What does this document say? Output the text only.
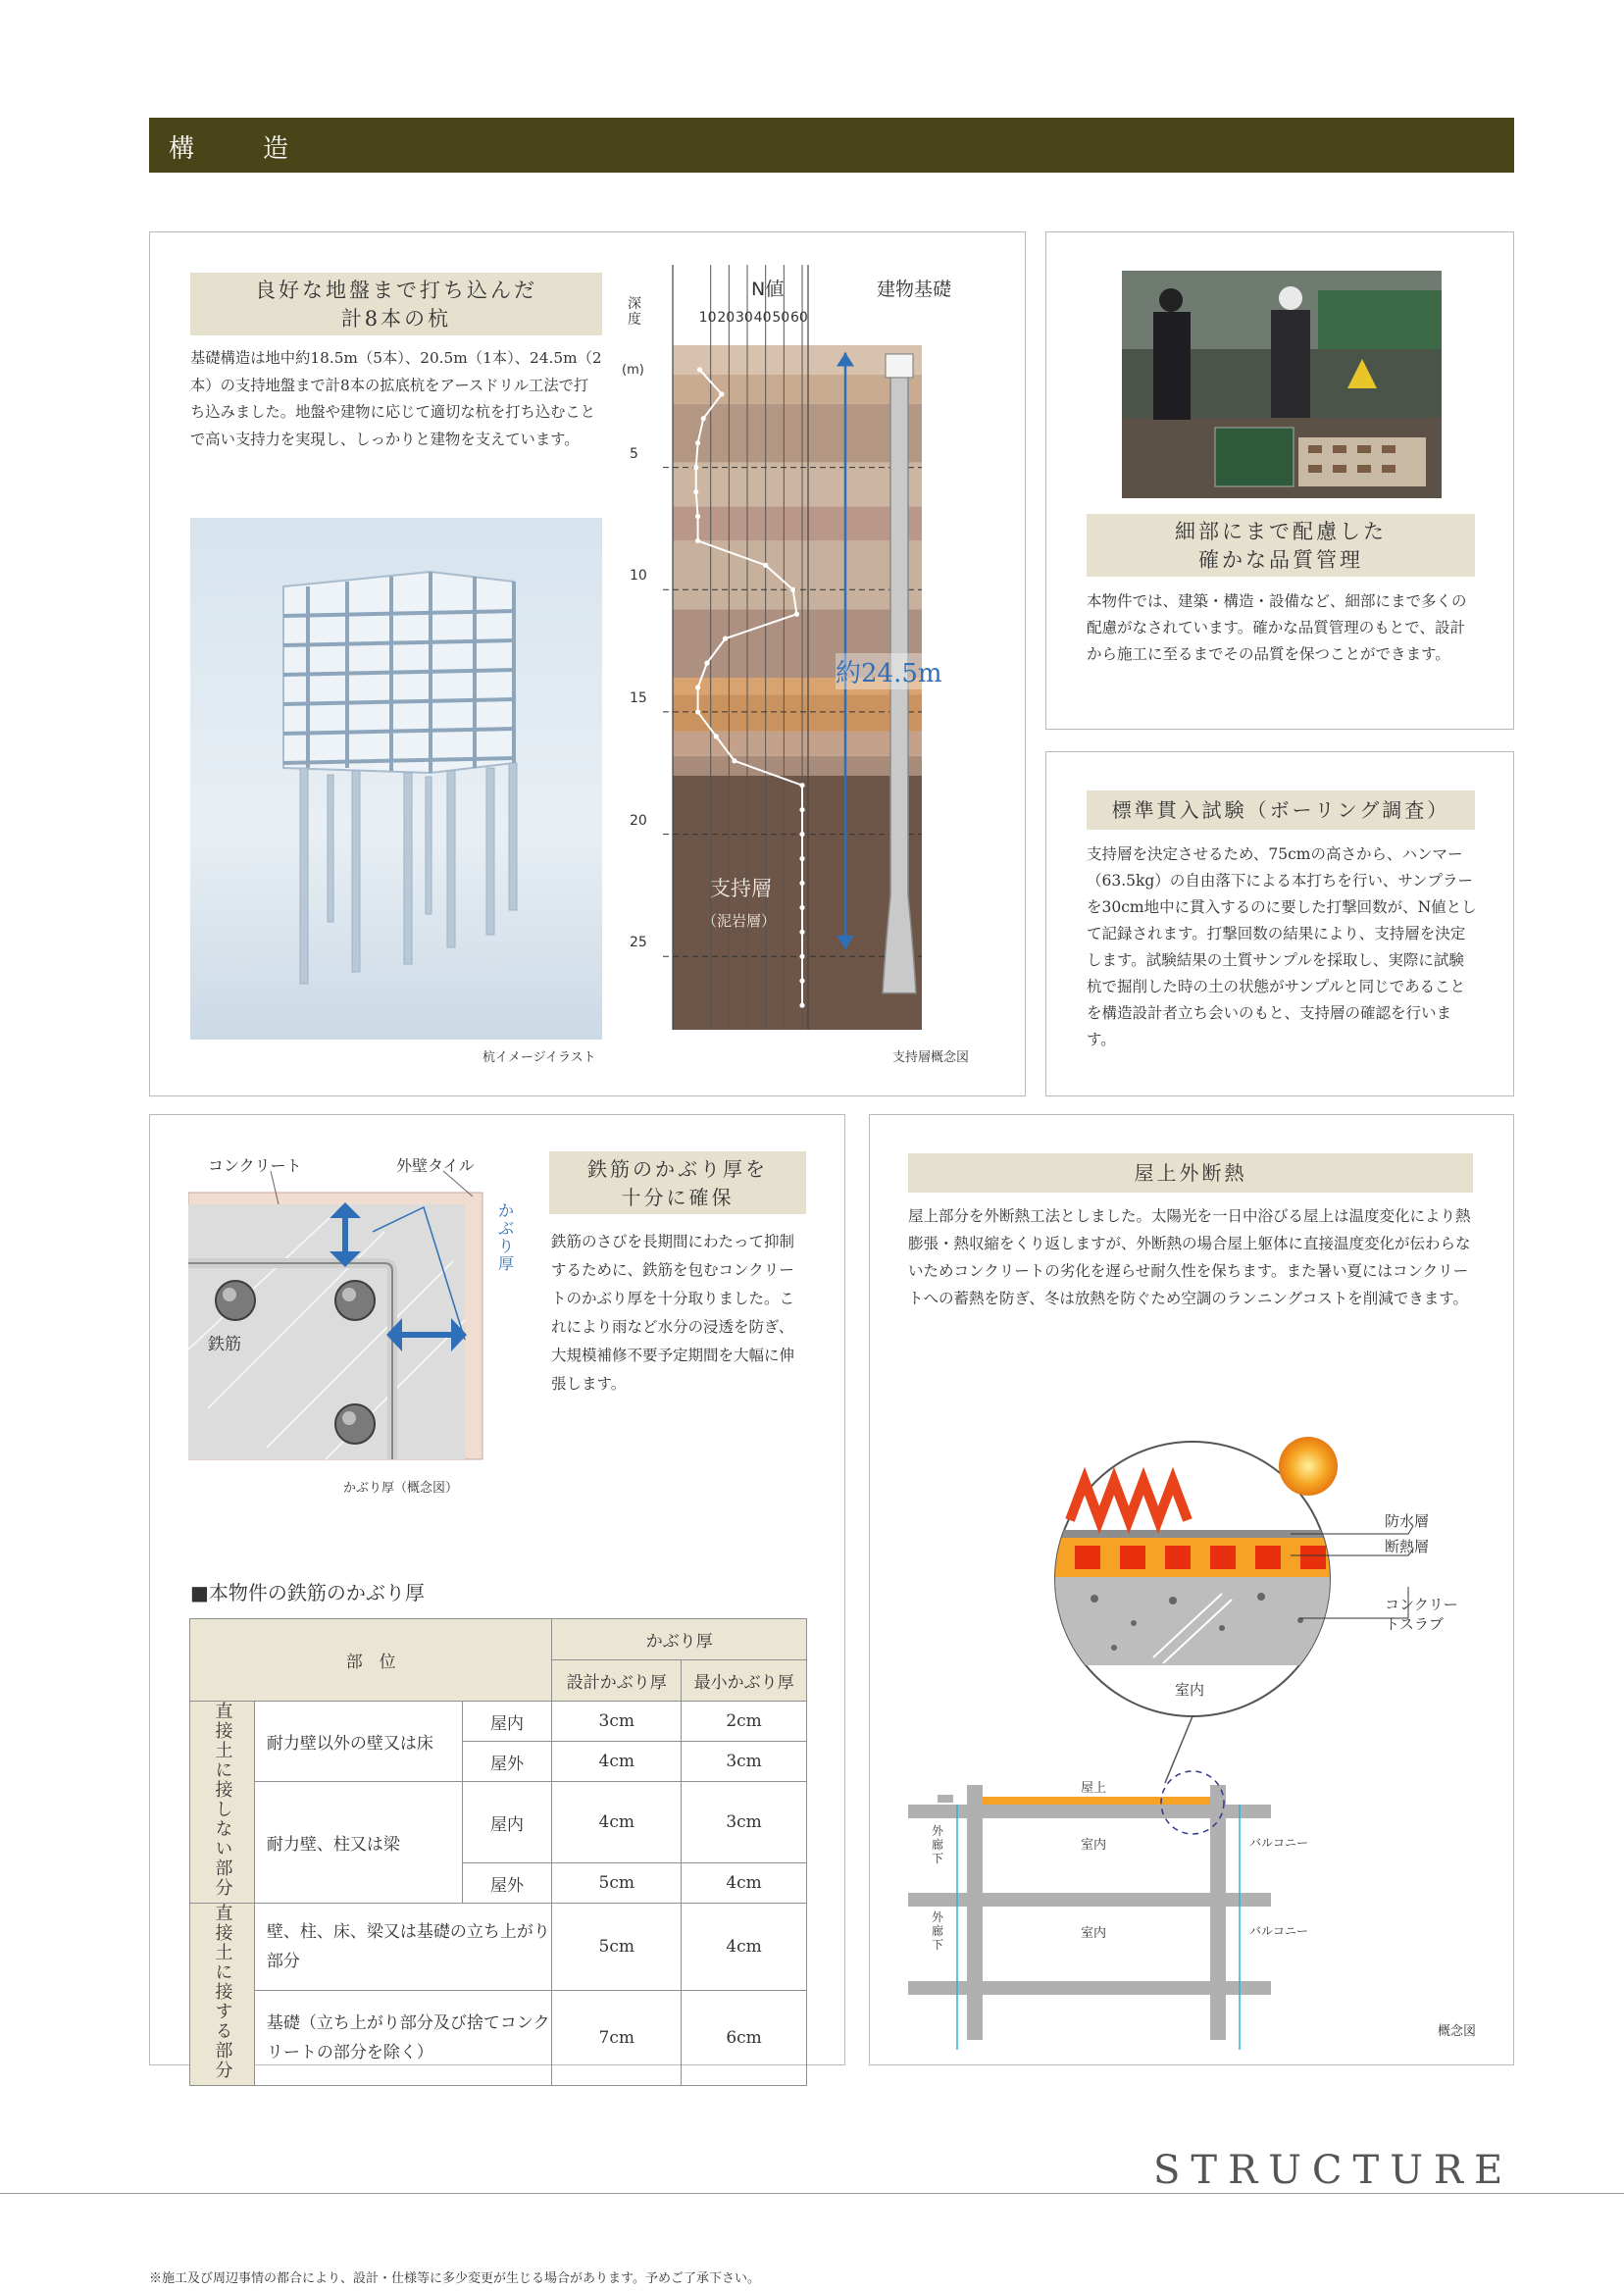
構　造
良好な地盤まで打ち込んだ
計8本の杭
基礎構造は地中約18.5m（5本）、20.5m（1本）、24.5m（2本）の支持地盤まで計8本の拡底杭をアースドリル工法で打ち込みました。地盤や建物に応じて適切な杭を打ち込むことで高い支持力を実現し、しっかりと建物を支えています。
杭イメージイラスト
深度
(m)
N値	建物基礎
約24.5m
支持層
（泥岩層）
10 20 30 40 50 60
5
10
15
20
25
支持層概念図
細部にまで配慮した
確かな品質管理
本物件では、建築・構造・設備など、細部にまで多くの配慮がなされています。確かな品質管理のもとで、設計から施工に至るまでその品質を保つことができます。
標準貫入試験（ボーリング調査）
支持層を決定させるため、75cmの高さから、ハンマー（63.5kg）の自由落下による本打ちを行い、サンプラーを30cm地中に貫入するのに要した打撃回数が、N値として記録されます。打撃回数の結果により、支持層を決定します。試験結果の土質サンプルを採取し、実際に試験杭で掘削した時の土の状態がサンプルと同じであることを構造設計者立ち会いのもと、支持層の確認を行います。
コンクリート	外壁タイル
かぶり厚
鉄筋
かぶり厚（概念図）
鉄筋のかぶり厚を
十分に確保
鉄筋のさびを長期間にわたって抑制するために、鉄筋を包むコンクリートのかぶり厚を十分取りました。これにより雨など水分の浸透を防ぎ、大規模補修不要予定期間を大幅に伸張します。
■本物件の鉄筋のかぶり厚
部　位			かぶり厚	
			設計かぶり厚	最小かぶり厚
直接土に接しない部分	耐力壁以外の壁又は床	屋内	3cm	2cm
		屋外	4cm	3cm
	耐力壁、柱又は梁	屋内	4cm	3cm
		屋外	5cm	4cm
直接土に接する部分	壁、柱、床、梁又は基礎の立ち上がり部分		5cm	4cm
	基礎（立ち上がり部分及び捨てコンクリートの部分を除く）		7cm	6cm
屋上外断熱
屋上部分を外断熱工法としました。太陽光を一日中浴びる屋上は温度変化により熱膨張・熱収縮をくり返しますが、外断熱の場合屋上躯体に直接温度変化が伝わらないためコンクリートの劣化を遅らせ耐久性を保ちます。また暑い夏にはコンクリートへの蓄熱を防ぎ、冬は放熱を防ぐため空調のランニングコストを削減できます。
防水層
断熱層
コンクリートスラブ
室内
屋上
室内
室内
外廊下
外廊下
バルコニー
バルコニー
概念図
STRUCTURE
※施工及び周辺事情の都合により、設計・仕様等に多少変更が生じる場合があります。予めご了承下さい。
